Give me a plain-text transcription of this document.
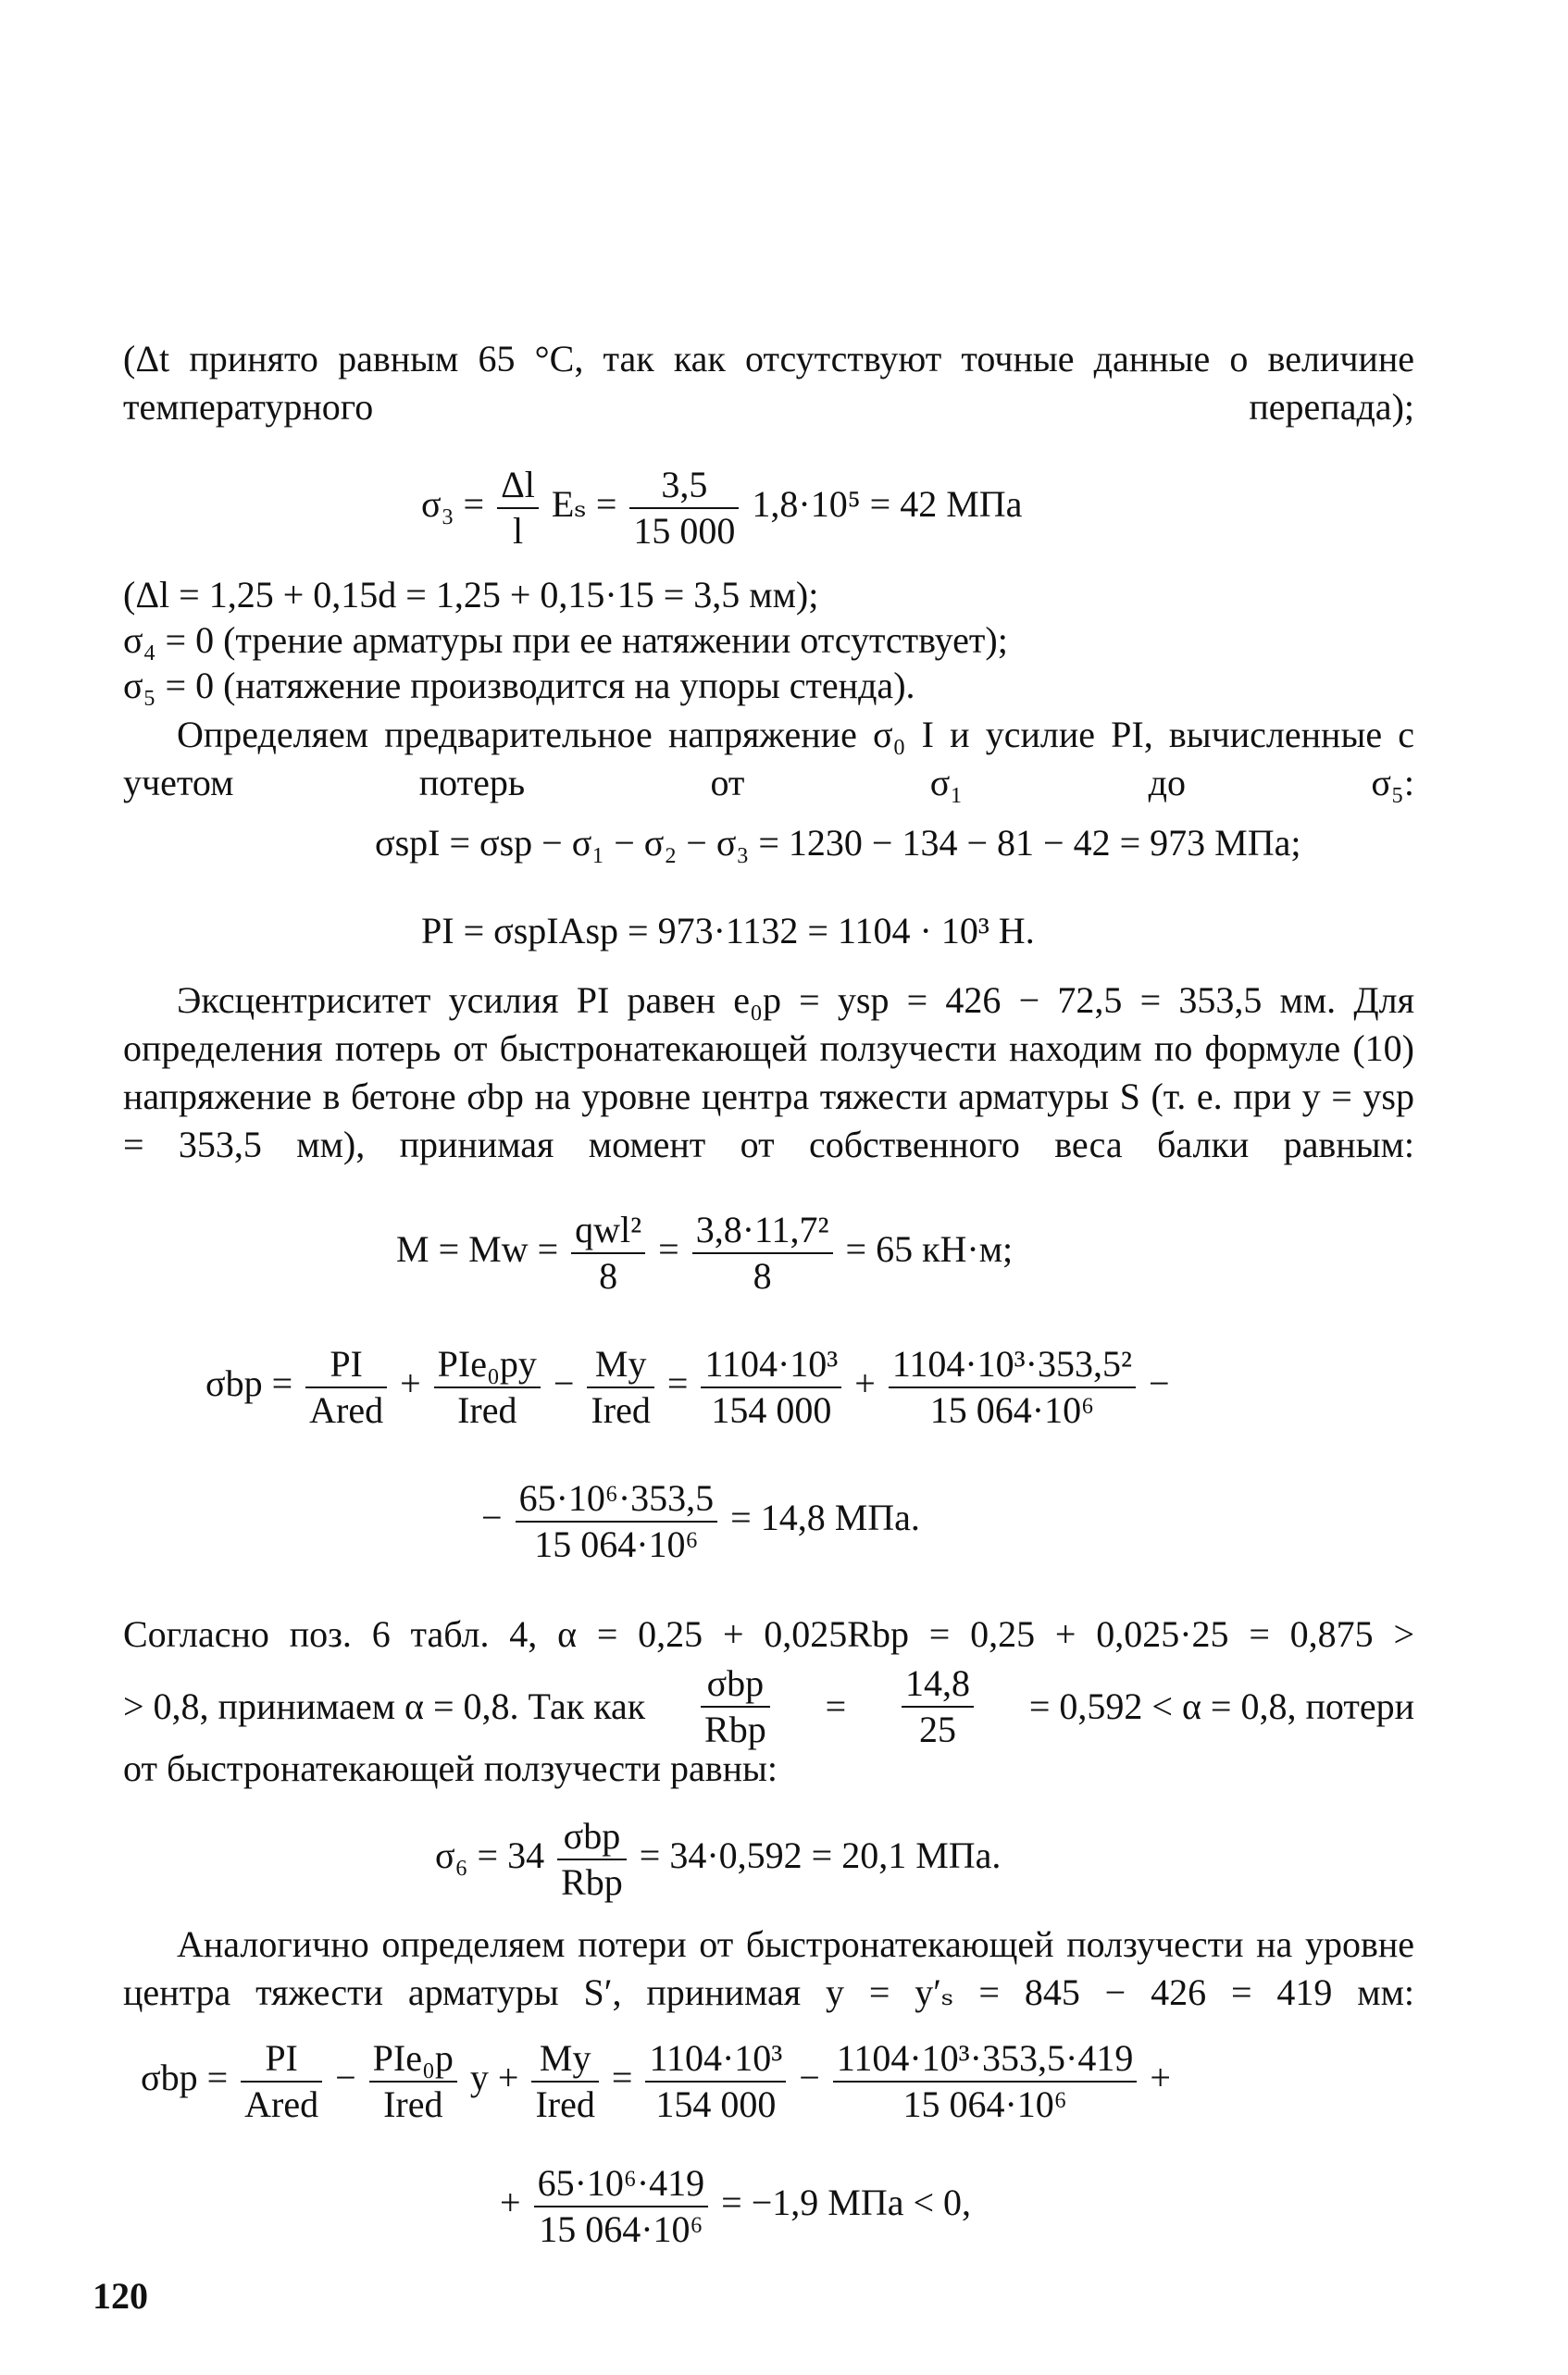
(Δt принято равным 65 °C, так как отсутствуют точные данные о величине температурного перепада);
$\sigma_3 = \frac{\Delta l}{l}$ $E_s = \frac{3,5}{15 000} 1,8\cdot 10^5 = 42$ МПа
(Δl = 1,25 + 0,15d = 1,25 + 0,15·15 = 3,5 мм);
σ₄ = 0 (трение арматуры при ее натяжении отсутствует);
σ₅ = 0 (натяжение производится на упоры стенда).
Определяем предварительное напряжение σ₀ I и усилие PI, вычисленные с учетом потерь от σ₁ до σ₅:
σspI = σsp − σ₁ − σ₂ − σ₃ = 1230 − 134 − 81 − 42 = 973 МПа;
PI = σspIAsp = 973·1132 = 1104 · 10³ Н.
Эксцентриситет усилия PI равен e₀p = ysp = 426 − 72,5 = 353,5 мм. Для определения потерь от быстронатекающей ползучести находим по формуле (10) напряжение в бетоне σbp на уровне центра тяжести арматуры S (т. е. при y = ysp = 353,5 мм), принимая момент от собственного веса балки равным:
$M = Mw = \frac{\text{qwl²}}{8} = \frac{\text{3,8·11,7²}}{8} = 65$ кН·м;
$\sigma bp = \frac{PI}{\text{Ared}} + \frac{\text{PIe₀py}}{\text{Ired}} - \frac{My}{\text{Ired}} = \frac{\text{1104·10³}}{154 000} + \frac{\text{1104·10³·353,5²}}{\text{15 064·10⁶}}$ −
− $\frac{\text{65·10⁶·353,5}}{\text{15 064·10⁶}} = 14,8$ МПа.
Согласно поз. 6 табл. 4, α = 0,25 + 0,025Rbp = 0,25 + 0,025·25 = 0,875 >
> 0,8, принимаем α = 0,8. Так как $\frac{\text{σbp}}{\text{Rbp}} = \frac{14,8}{25} = 0,592 < \alpha = 0,8$, потери
от быстронатекающей ползучести равны:
$\sigma_6 = 34 \frac{\text{σbp}}{\text{Rbp}} = 34\cdot 0,592 = 20,1$ МПа.
Аналогично определяем потери от быстронатекающей ползучести на уровне центра тяжести арматуры S′, принимая y = y′ₛ = 845 − 426 = 419 мм:
$\sigma bp = \frac{PI}{\text{Ared}} - \frac{\text{PIe₀p}}{\text{Ired}}$ $y + \frac{My}{\text{Ired}} = \frac{\text{1104·10³}}{154 000} - \frac{\text{1104·10³·353,5·419}}{\text{15 064·10⁶}}$ +
+ $\frac{\text{65·10⁶·419}}{\text{15 064·10⁶}} = -1,9$ МПа < 0,
120
